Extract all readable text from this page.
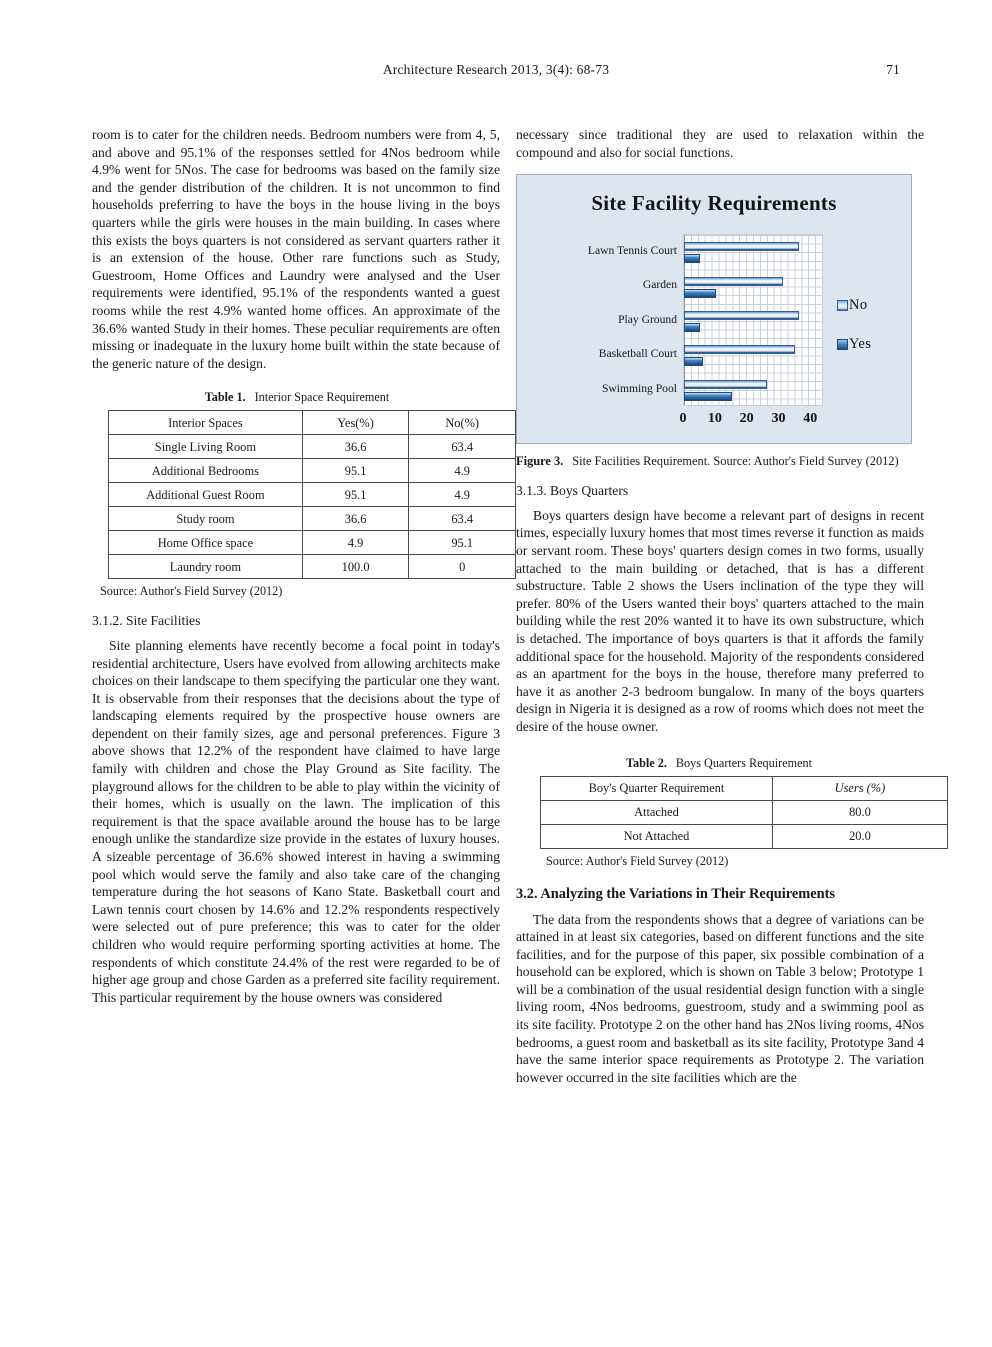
Architecture Research 2013, 3(4): 68-73	71

room is to cater for the children needs. Bedroom numbers were from 4, 5, and above and 95.1% of the responses settled for 4Nos bedroom while 4.9% went for 5Nos. The case for bedrooms was based on the family size and the gender distribution of the children. It is not uncommon to find households preferring to have the boys in the house living in the boys quarters while the girls were houses in the main building. In cases where this exists the boys quarters is not considered as servant quarters rather it is an extension of the house. Other rare functions such as Study, Guestroom, Home Offices and Laundry were analysed and the User requirements were identified, 95.1% of the respondents wanted a guest rooms while the rest 4.9% wanted home offices. An approximate of the 36.6% wanted Study in their homes. These peculiar requirements are often missing or inadequate in the luxury home built within the state because of the generic nature of the design.

Table 1. Interior Space Requirement
Interior Spaces	Yes(%)	No(%)
Single Living Room	36.6	63.4
Additional Bedrooms	95.1	4.9
Additional Guest Room	95.1	4.9
Study room	36.6	63.4
Home Office space	4.9	95.1
Laundry room	100.0	0
Source: Author's Field Survey (2012)
3.1.2. Site Facilities

Site planning elements have recently become a focal point in today's residential architecture, Users have evolved from allowing architects make choices on their landscape to them specifying the particular one they want. It is observable from their responses that the decisions about the type of landscaping elements required by the prospective house owners are dependent on their family sizes, age and personal preferences. Figure 3 above shows that 12.2% of the respondent have claimed to have large family with children and chose the Play Ground as Site facility. The playground allows for the children to be able to play within the vicinity of their homes, which is usually on the lawn. The implication of this requirement is that the space available around the house has to be large enough unlike the standardize size provide in the estates of luxury houses. A sizeable percentage of 36.6% showed interest in having a swimming pool which would serve the family and also take care of the changing temperature during the hot seasons of Kano State. Basketball court and Lawn tennis court chosen by 14.6% and 12.2% respondents respectively were selected out of pure preference; this was to cater for the older children who would require performing sporting activities at home. The respondents of which constitute 24.4% of the rest were regarded to be of higher age group and chose Garden as a preferred site facility requirement. This particular requirement by the house owners was considered

necessary since traditional they are used to relaxation within the compound and also for social functions.

Site Facility Requirements
Lawn Tennis Court
Garden
Play Ground
Basketball Court
Swimming Pool
0 10 20 30 40
No
Yes
Figure 3. Site Facilities Requirement. Source: Author's Field Survey (2012)
3.1.3. Boys Quarters

Boys quarters design have become a relevant part of designs in recent times, especially luxury homes that most times reverse it function as maids or servant room. These boys' quarters design comes in two forms, usually attached to the main building or detached, that is has a different substructure. Table 2 shows the Users inclination of the type they will prefer. 80% of the Users wanted their boys' quarters attached to the main building while the rest 20% wanted it to have its own substructure, which is detached. The importance of boys quarters is that it affords the family additional space for the household. Majority of the respondents considered as an apartment for the boys in the house, therefore many preferred to have it as another 2-3 bedroom bungalow. In many of the boys quarters design in Nigeria it is designed as a row of rooms which does not meet the desire of the house owner.

Table 2. Boys Quarters Requirement
Boy's Quarter Requirement	Users (%)
Attached	80.0
Not Attached	20.0
Source: Author's Field Survey (2012)
3.2. Analyzing the Variations in Their Requirements

The data from the respondents shows that a degree of variations can be attained in at least six categories, based on different functions and the site facilities, and for the purpose of this paper, six possible combination of a household can be explored, which is shown on Table 3 below; Prototype 1 will be a combination of the usual residential design function with a single living room, 4Nos bedrooms, guestroom, study and a swimming pool as its site facility. Prototype 2 on the other hand has 2Nos living rooms, 4Nos bedrooms, a guest room and basketball as its site facility, Prototype 3and 4 have the same interior space requirements as Prototype 2. The variation however occurred in the site facilities which are the
